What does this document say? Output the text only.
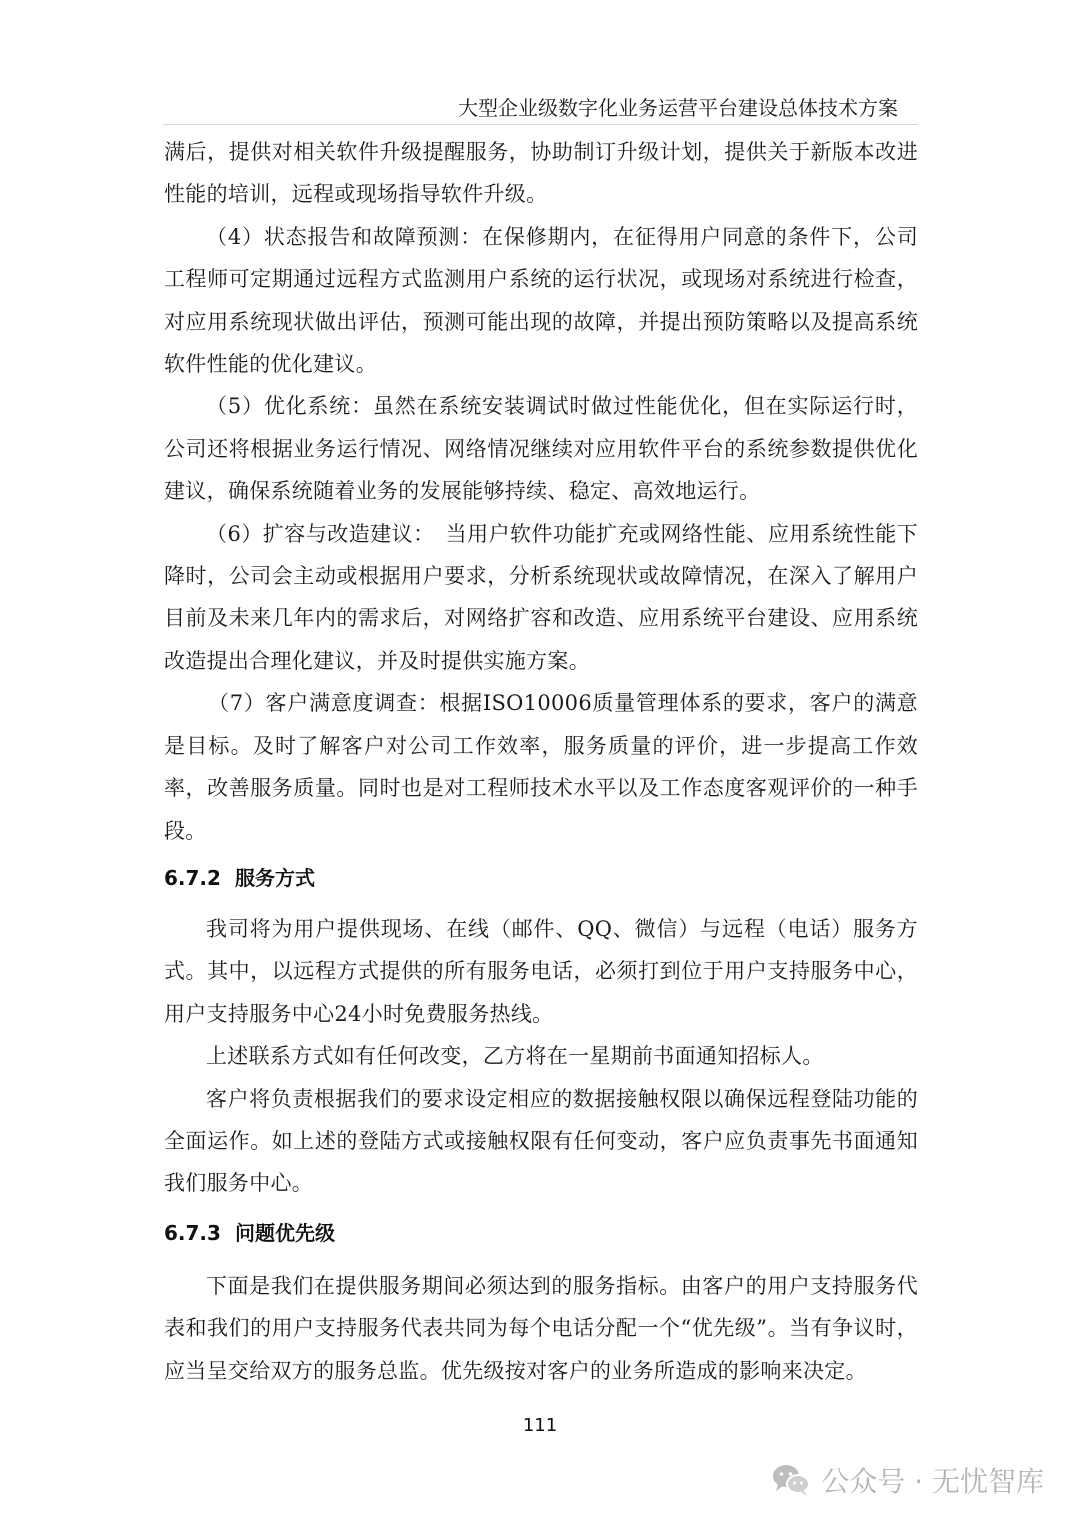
大型企业级数字化业务运营平台建设总体技术方案

满后，提供对相关软件升级提醒服务，协助制订升级计划，提供关于新版本改进性能的培训，远程或现场指导软件升级。

（4）状态报告和故障预测：在保修期内，在征得用户同意的条件下，公司工程师可定期通过远程方式监测用户系统的运行状况，或现场对系统进行检查，对应用系统现状做出评估，预测可能出现的故障，并提出预防策略以及提高系统软件性能的优化建议。

（5）优化系统：虽然在系统安装调试时做过性能优化，但在实际运行时，公司还将根据业务运行情况、网络情况继续对应用软件平台的系统参数提供优化建议，确保系统随着业务的发展能够持续、稳定、高效地运行。

（6）扩容与改造建议：　当用户软件功能扩充或网络性能、应用系统性能下降时，公司会主动或根据用户要求，分析系统现状或故障情况，在深入了解用户目前及未来几年内的需求后，对网络扩容和改造、应用系统平台建设、应用系统改造提出合理化建议，并及时提供实施方案。

（7）客户满意度调查：根据ISO10006质量管理体系的要求，客户的满意是目标。及时了解客户对公司工作效率，服务质量的评价，进一步提高工作效率，改善服务质量。同时也是对工程师技术水平以及工作态度客观评价的一种手段。

6.7.2 服务方式

我司将为用户提供现场、在线（邮件、QQ、微信）与远程（电话）服务方式。其中，以远程方式提供的所有服务电话，必须打到位于用户支持服务中心，用户支持服务中心24小时免费服务热线。

上述联系方式如有任何改变，乙方将在一星期前书面通知招标人。

客户将负责根据我们的要求设定相应的数据接触权限以确保远程登陆功能的全面运作。如上述的登陆方式或接触权限有任何变动，客户应负责事先书面通知我们服务中心。

6.7.3 问题优先级

下面是我们在提供服务期间必须达到的服务指标。由客户的用户支持服务代表和我们的用户支持服务代表共同为每个电话分配一个“优先级”。当有争议时，应当呈交给双方的服务总监。优先级按对客户的业务所造成的影响来决定。

111
公众号 · 无忧智库
